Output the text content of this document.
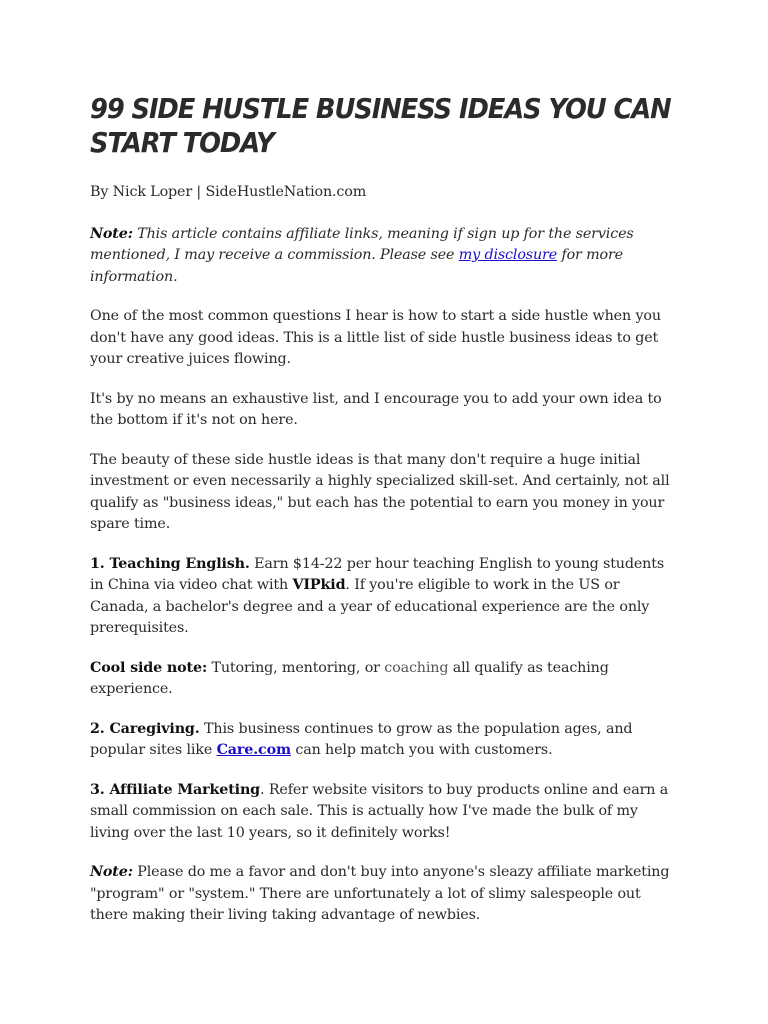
99 SIDE HUSTLE BUSINESS IDEAS YOU CAN START TODAY

By Nick Loper | SideHustleNation.com

Note: This article contains affiliate links, meaning if sign up for the services mentioned, I may receive a commission. Please see my disclosure for more information.

One of the most common questions I hear is how to start a side hustle when you don't have any good ideas. This is a little list of side hustle business ideas to get your creative juices flowing.

It's by no means an exhaustive list, and I encourage you to add your own idea to the bottom if it's not on here.

The beauty of these side hustle ideas is that many don't require a huge initial investment or even necessarily a highly specialized skill-set. And certainly, not all qualify as "business ideas," but each has the potential to earn you money in your spare time.

1. Teaching English. Earn $14-22 per hour teaching English to young students in China via video chat with VIPkid. If you're eligible to work in the US or Canada, a bachelor's degree and a year of educational experience are the only prerequisites.

Cool side note: Tutoring, mentoring, or coaching all qualify as teaching experience.

2. Caregiving. This business continues to grow as the population ages, and popular sites like Care.com can help match you with customers.

3. Affiliate Marketing. Refer website visitors to buy products online and earn a small commission on each sale. This is actually how I've made the bulk of my living over the last 10 years, so it definitely works!

Note: Please do me a favor and don't buy into anyone's sleazy affiliate marketing "program" or "system." There are unfortunately a lot of slimy salespeople out there making their living taking advantage of newbies.
